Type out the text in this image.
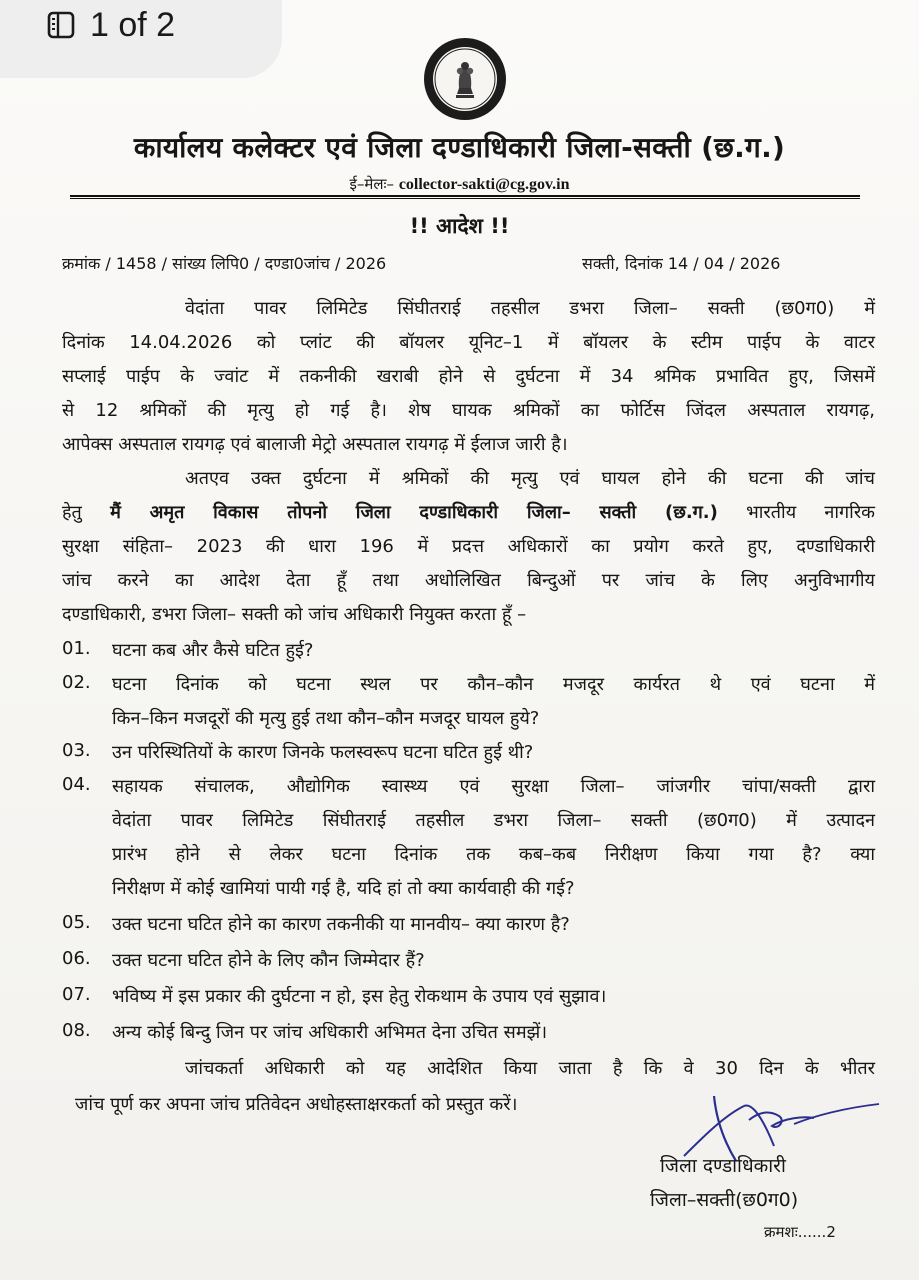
1 of 2
कार्यालय कलेक्टर एवं जिला दण्डाधिकारी जिला-सक्ती (छ.ग.)
ई–मेलः– collector-sakti@cg.gov.in
!! आदेश !!
क्रमांक / 1458 / सांख्य लिपि0 / दण्डा0जांच / 2026	सक्ती, दिनांक 14 / 04 / 2026
वेदांता पावर लिमिटेड सिंघीतराई तहसील डभरा जिला– सक्ती (छ0ग0) में
दिनांक 14.04.2026 को प्लांट की बॉयलर यूनिट–1 में बॉयलर के स्टीम पाईप के वाटर
सप्लाई पाईप के ज्वांट में तकनीकी खराबी होने से दुर्घटना में 34 श्रमिक प्रभावित हुए, जिसमें
से 12 श्रमिकों की मृत्यु हो गई है। शेष घायक श्रमिकों का फोर्टिस जिंदल अस्पताल रायगढ़,
आपेक्स अस्पताल रायगढ़ एवं बालाजी मेट्रो अस्पताल रायगढ़ में ईलाज जारी है।
अतएव उक्त दुर्घटना में श्रमिकों की मृत्यु एवं घायल होने की घटना की जांच
हेतु मैं अमृत विकास तोपनो जिला दण्डाधिकारी जिला– सक्ती (छ.ग.) भारतीय नागरिक
सुरक्षा संहिता– 2023 की धारा 196 में प्रदत्त अधिकारों का प्रयोग करते हुए, दण्डाधिकारी
जांच करने का आदेश देता हूँ तथा अधोलिखित बिन्दुओं पर जांच के लिए अनुविभागीय
दण्डाधिकारी, डभरा जिला– सक्ती को जांच अधिकारी नियुक्त करता हूँ –
01. घटना कब और कैसे घटित हुई?
02. घटना दिनांक को घटना स्थल पर कौन–कौन मजदूर कार्यरत थे एवं घटना में
किन–किन मजदूरों की मृत्यु हुई तथा कौन–कौन मजदूर घायल हुये?
03. उन परिस्थितियों के कारण जिनके फलस्वरूप घटना घटित हुई थी?
04. सहायक संचालक, औद्योगिक स्वास्थ्य एवं सुरक्षा जिला– जांजगीर चांपा/सक्ती द्वारा
वेदांता पावर लिमिटेड सिंघीतराई तहसील डभरा जिला– सक्ती (छ0ग0) में उत्पादन
प्रारंभ होने से लेकर घटना दिनांक तक कब–कब निरीक्षण किया गया है? क्या
निरीक्षण में कोई खामियां पायी गई है, यदि हां तो क्या कार्यवाही की गई?
05. उक्त घटना घटित होने का कारण तकनीकी या मानवीय– क्या कारण है?
06. उक्त घटना घटित होने के लिए कौन जिम्मेदार हैं?
07. भविष्य में इस प्रकार की दुर्घटना न हो, इस हेतु रोकथाम के उपाय एवं सुझाव।
08. अन्य कोई बिन्दु जिन पर जांच अधिकारी अभिमत देना उचित समझें।
जांचकर्ता अधिकारी को यह आदेशित किया जाता है कि वे 30 दिन के भीतर
जांच पूर्ण कर अपना जांच प्रतिवेदन अधोहस्ताक्षरकर्ता को प्रस्तुत करें।
जिला दण्डाधिकारी
जिला–सक्ती(छ0ग0)
क्रमशः......2
